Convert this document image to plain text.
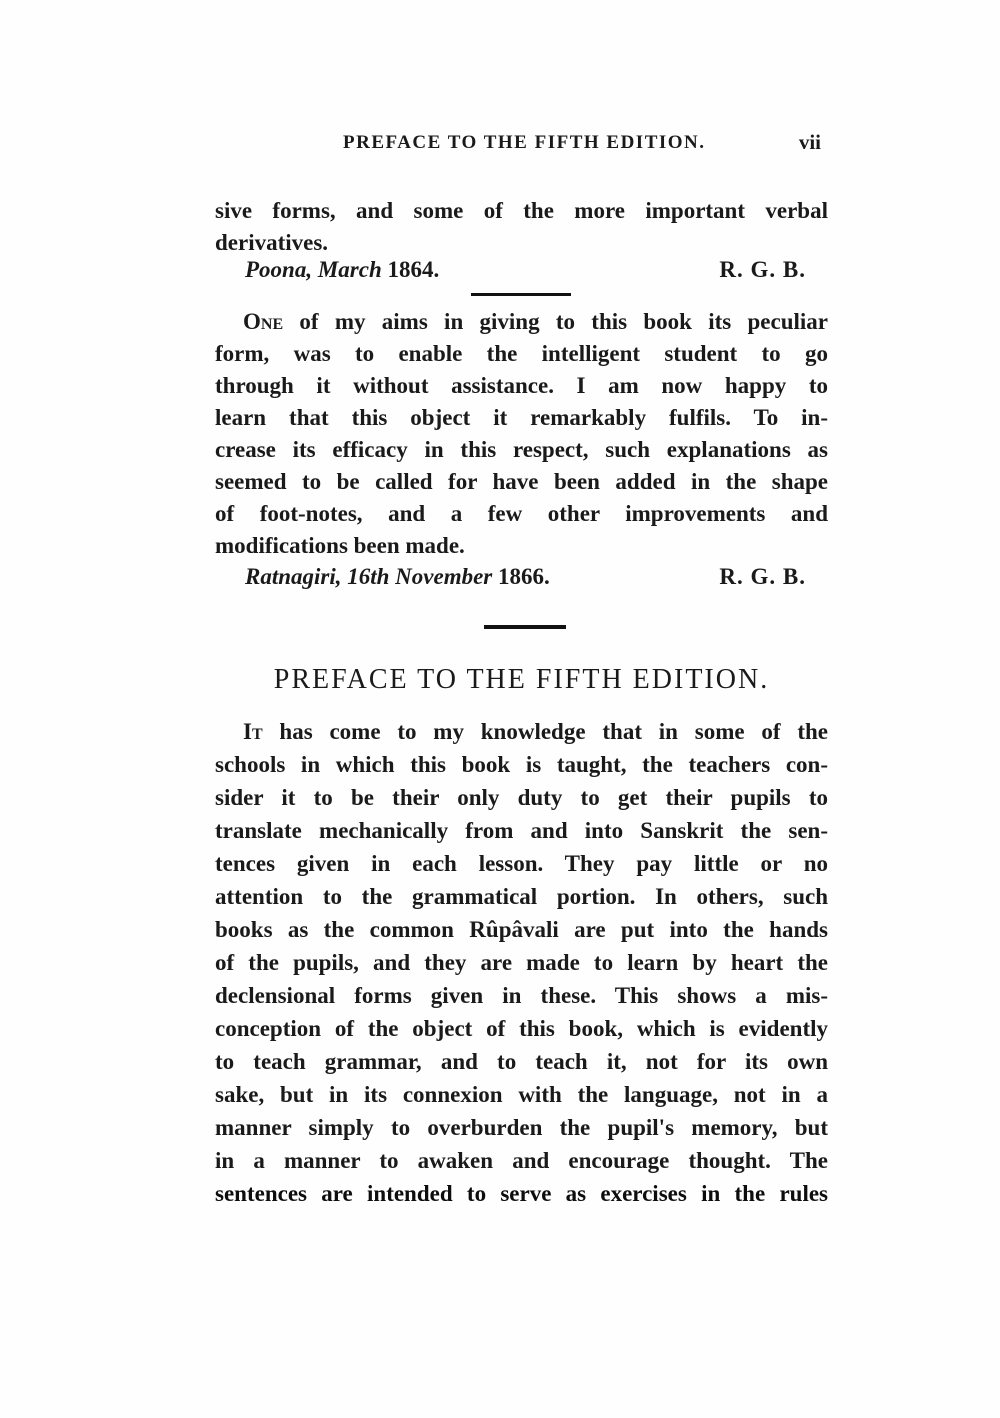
PREFACE TO THE FIFTH EDITION.	vii
sive forms, and some of the more important verbal
derivatives.
Poona, March 1864.	R. G. B.
One of my aims in giving to this book its peculiar
form, was to enable the intelligent student to go
through it without assistance. I am now happy to
learn that this object it remarkably fulfils. To in-
crease its efficacy in this respect, such explanations as
seemed to be called for have been added in the shape
of foot-notes, and a few other improvements and
modifications been made.
Ratnagiri, 16th November 1866.	R. G. B.
PREFACE TO THE FIFTH EDITION.
It has come to my knowledge that in some of the
schools in which this book is taught, the teachers con-
sider it to be their only duty to get their pupils to
translate mechanically from and into Sanskrit the sen-
tences given in each lesson. They pay little or no
attention to the grammatical portion. In others, such
books as the common Rûpâvali are put into the hands
of the pupils, and they are made to learn by heart the
declensional forms given in these. This shows a mis-
conception of the object of this book, which is evidently
to teach grammar, and to teach it, not for its own
sake, but in its connexion with the language, not in a
manner simply to overburden the pupil's memory, but
in a manner to awaken and encourage thought. The
sentences are intended to serve as exercises in the rules
